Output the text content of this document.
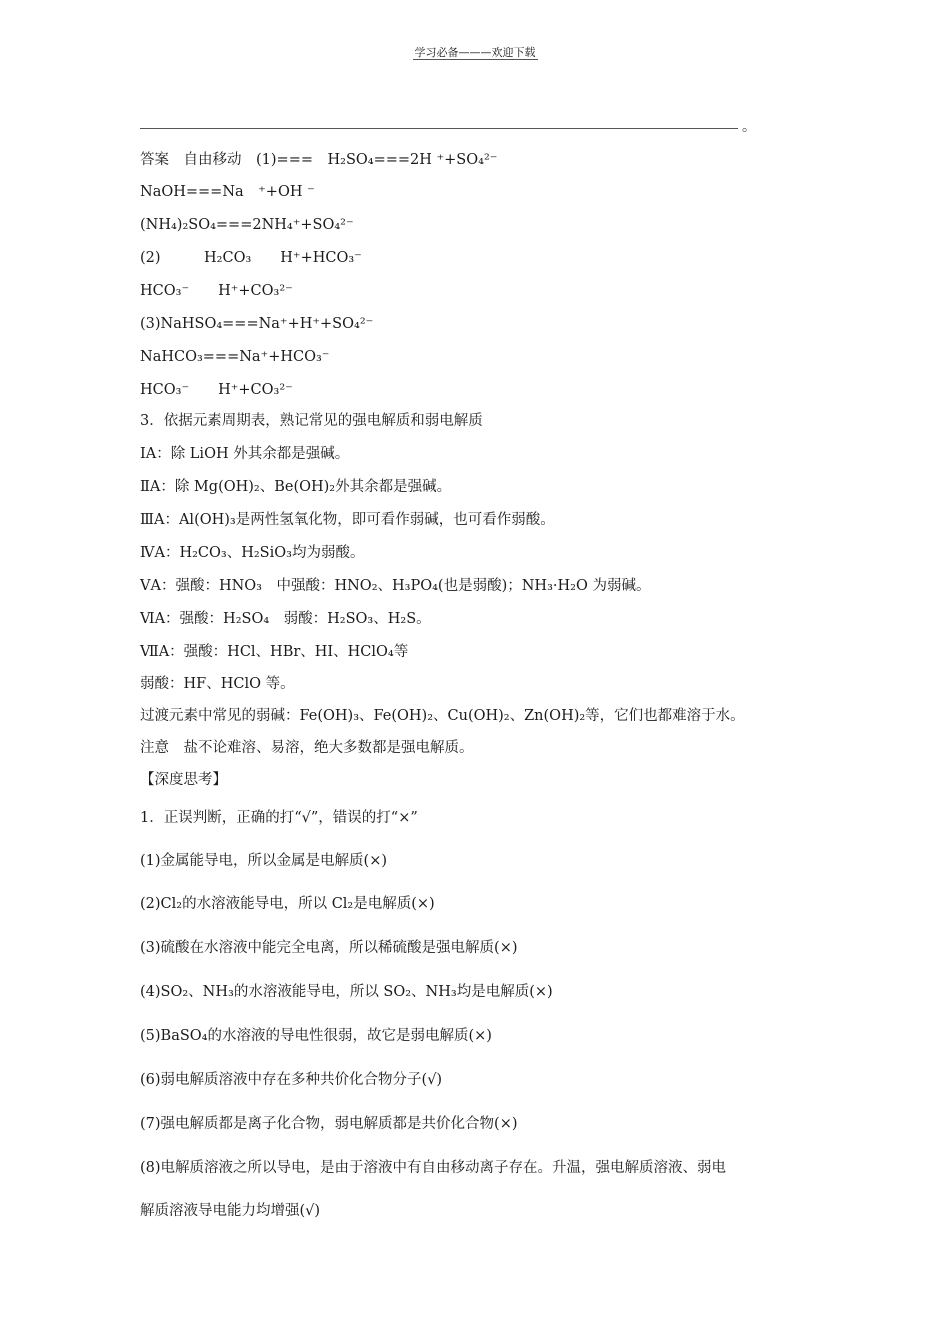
学习必备———欢迎下载
。
答案　自由移动　(1)===　H₂SO₄===2H ⁺+SO₄²⁻
NaOH===Na　⁺+OH ⁻
(NH₄)₂SO₄===2NH₄⁺+SO₄²⁻
(2)　　　H₂CO₃　　H⁺+HCO₃⁻
HCO₃⁻　　H⁺+CO₃²⁻
(3)NaHSO₄===Na⁺+H⁺+SO₄²⁻
NaHCO₃===Na⁺+HCO₃⁻
HCO₃⁻　　H⁺+CO₃²⁻
3．依据元素周期表，熟记常见的强电解质和弱电解质
ⅠA：除 LiOH 外其余都是强碱。
ⅡA：除 Mg(OH)₂、Be(OH)₂外其余都是强碱。
ⅢA：Al(OH)₃是两性氢氧化物，即可看作弱碱，也可看作弱酸。
ⅣA：H₂CO₃、H₂SiO₃均为弱酸。
ⅤA：强酸：HNO₃　中强酸：HNO₂、H₃PO₄(也是弱酸)；NH₃·H₂O 为弱碱。
ⅥA：强酸：H₂SO₄　弱酸：H₂SO₃、H₂S。
ⅦA：强酸：HCl、HBr、HI、HClO₄等
弱酸：HF、HClO 等。
过渡元素中常见的弱碱：Fe(OH)₃、Fe(OH)₂、Cu(OH)₂、Zn(OH)₂等，它们也都难溶于水。
注意　盐不论难溶、易溶，绝大多数都是强电解质。
【深度思考】
1．正误判断，正确的打“√”，错误的打“×”
(1)金属能导电，所以金属是电解质(×)
(2)Cl₂的水溶液能导电，所以 Cl₂是电解质(×)
(3)硫酸在水溶液中能完全电离，所以稀硫酸是强电解质(×)
(4)SO₂、NH₃的水溶液能导电，所以 SO₂、NH₃均是电解质(×)
(5)BaSO₄的水溶液的导电性很弱，故它是弱电解质(×)
(6)弱电解质溶液中存在多种共价化合物分子(√)
(7)强电解质都是离子化合物，弱电解质都是共价化合物(×)
(8)电解质溶液之所以导电，是由于溶液中有自由移动离子存在。升温，强电解质溶液、弱电
解质溶液导电能力均增强(√)
